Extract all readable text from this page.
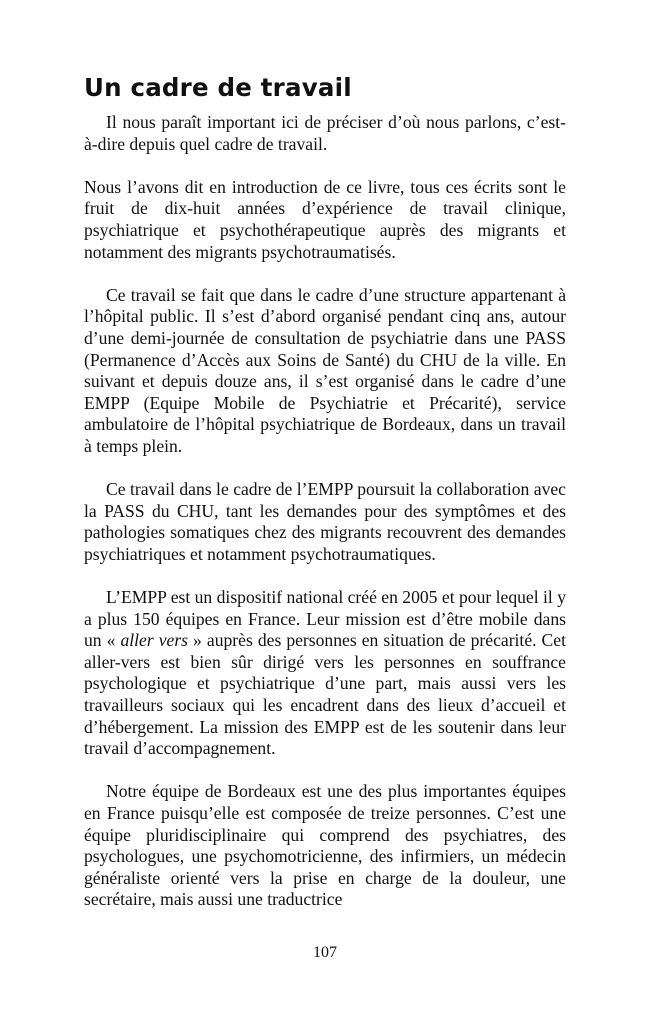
Un cadre de travail

Il nous paraît important ici de préciser d’où nous parlons, c’est-à-dire depuis quel cadre de travail.

Nous l’avons dit en introduction de ce livre, tous ces écrits sont le fruit de dix-huit années d’expérience de travail clinique, psychiatrique et psychothérapeutique auprès des migrants et notamment des migrants psychotraumatisés.

Ce travail se fait que dans le cadre d’une structure appartenant à l’hôpital public. Il s’est d’abord organisé pendant cinq ans, autour d’une demi-journée de consultation de psychiatrie dans une PASS (Permanence d’Accès aux Soins de Santé) du CHU de la ville. En suivant et depuis douze ans, il s’est organisé dans le cadre d’une EMPP (Equipe Mobile de Psychiatrie et Précarité), service ambulatoire de l’hôpital psychiatrique de Bordeaux, dans un travail à temps plein.

Ce travail dans le cadre de l’EMPP poursuit la collaboration avec la PASS du CHU, tant les demandes pour des symptômes et des pathologies somatiques chez des migrants recouvrent des demandes psychiatriques et notamment psychotraumatiques.

L’EMPP est un dispositif national créé en 2005 et pour lequel il y a plus 150 équipes en France. Leur mission est d’être mobile dans un « aller vers » auprès des personnes en situation de précarité. Cet aller-vers est bien sûr dirigé vers les personnes en souffrance psychologique et psychiatrique d’une part, mais aussi vers les travailleurs sociaux qui les encadrent dans des lieux d’accueil et d’hébergement. La mission des EMPP est de les soutenir dans leur travail d’accompagnement.

Notre équipe de Bordeaux est une des plus importantes équipes en France puisqu’elle est composée de treize personnes. C’est une équipe pluridisciplinaire qui comprend des psychiatres, des psychologues, une psychomotricienne, des infirmiers, un médecin généraliste orienté vers la prise en charge de la douleur, une secrétaire, mais aussi une traductrice

107
